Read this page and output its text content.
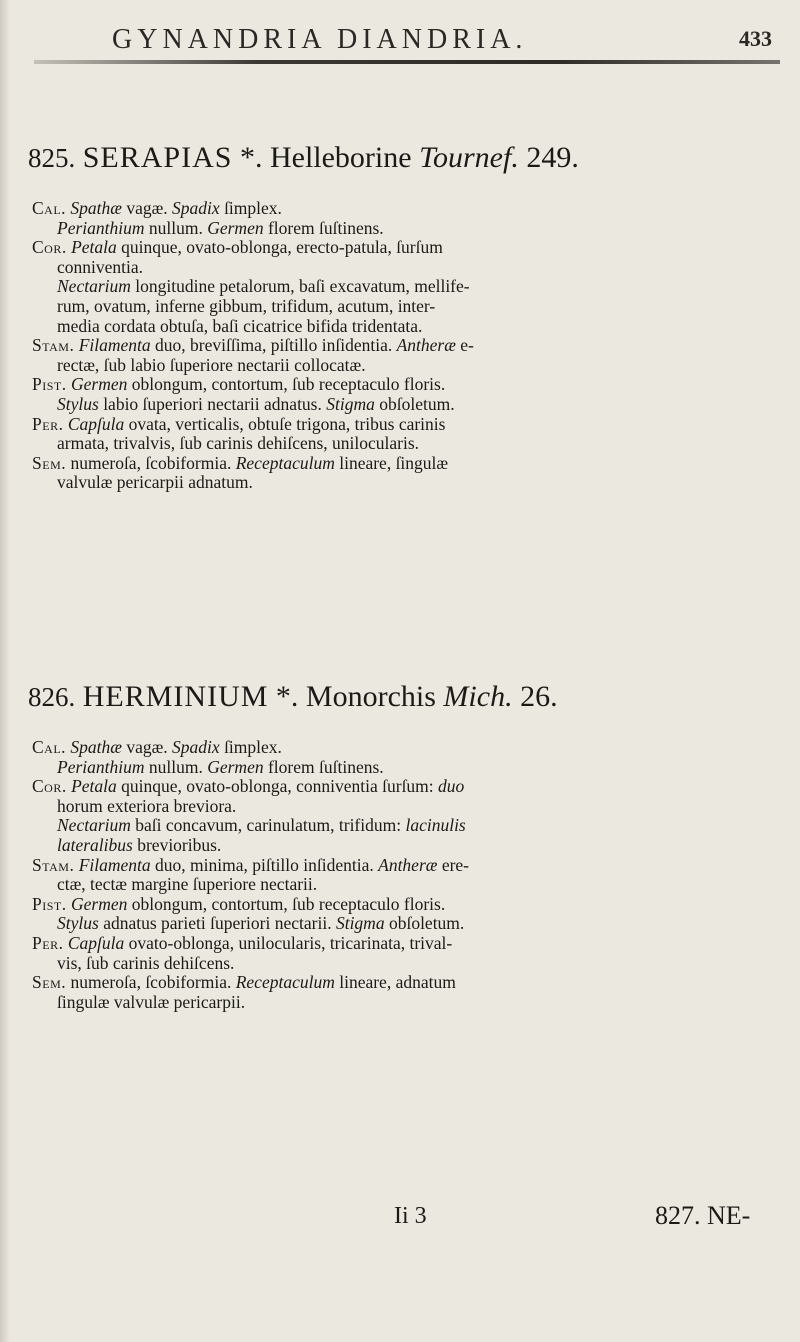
GYNANDRIA DIANDRIA.	433
825. SERAPIAS *. Helleborine Tournef. 249.

Cal. Spathæ vagæ. Spadix ſimplex.

Perianthium nullum. Germen florem ſuſtinens.

Cor. Petala quinque, ovato-oblonga, erecto-patula, ſurſum

conniventia.

Nectarium longitudine petalorum, baſi excavatum, mellife-

rum, ovatum, inferne gibbum, trifidum, acutum, inter-

media cordata obtuſa, baſi cicatrice bifida tridentata.

Stam. Filamenta duo, breviſſima, piſtillo inſidentia. Antheræ e-

rectæ, ſub labio ſuperiore nectarii collocatæ.

Pist. Germen oblongum, contortum, ſub receptaculo floris.

Stylus labio ſuperiori nectarii adnatus. Stigma obſoletum.

Per. Capſula ovata, verticalis, obtuſe trigona, tribus carinis

armata, trivalvis, ſub carinis dehiſcens, unilocularis.

Sem. numeroſa, ſcobiformia. Receptaculum lineare, ſingulæ

valvulæ pericarpii adnatum.

826. HERMINIUM *. Monorchis Mich. 26.

Cal. Spathæ vagæ. Spadix ſimplex.

Perianthium nullum. Germen florem ſuſtinens.

Cor. Petala quinque, ovato-oblonga, conniventia ſurſum: duo

horum exteriora breviora.

Nectarium baſi concavum, carinulatum, trifidum: lacinulis

lateralibus brevioribus.

Stam. Filamenta duo, minima, piſtillo inſidentia. Antheræ ere-

ctæ, tectæ margine ſuperiore nectarii.

Pist. Germen oblongum, contortum, ſub receptaculo floris.

Stylus adnatus parieti ſuperiori nectarii. Stigma obſoletum.

Per. Capſula ovato-oblonga, unilocularis, tricarinata, trival-

vis, ſub carinis dehiſcens.

Sem. numeroſa, ſcobiformia. Receptaculum lineare, adnatum

ſingulæ valvulæ pericarpii.

Ii 3	827. NE-
